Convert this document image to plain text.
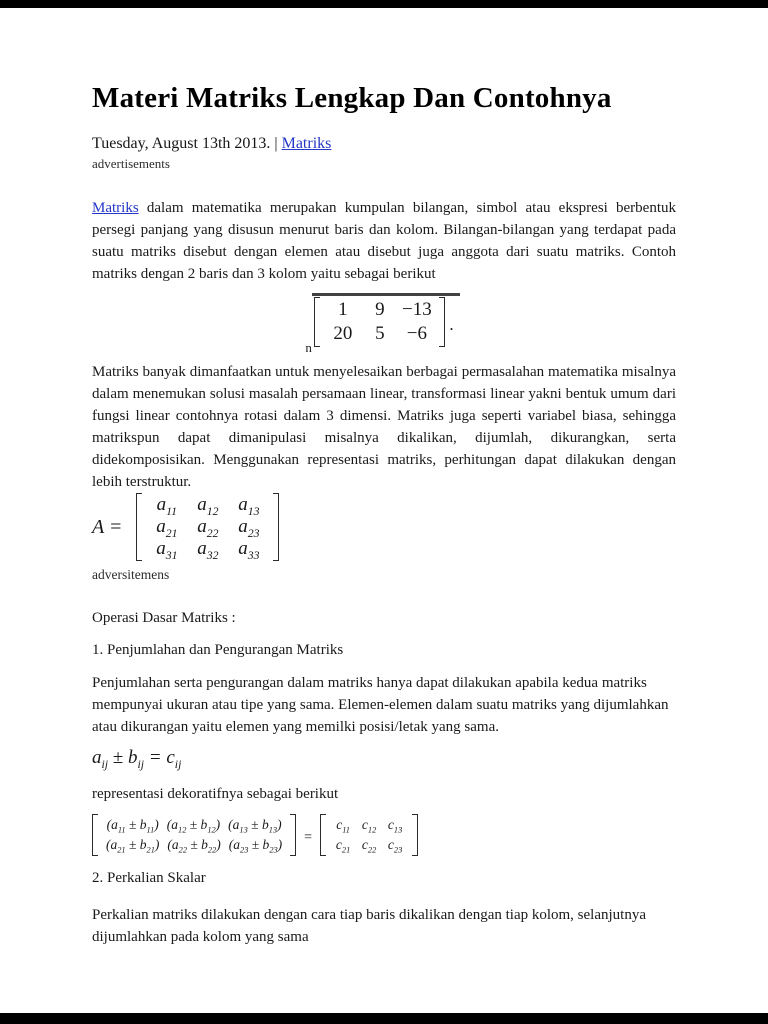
Materi Matriks Lengkap Dan Contohnya
Tuesday, August 13th 2013. | Matriks
advertisements

Matriks dalam matematika merupakan kumpulan bilangan, simbol atau ekspresi berbentuk persegi panjang yang disusun menurut baris dan kolom. Bilangan-bilangan yang terdapat pada suatu matriks disebut dengan elemen atau disebut juga anggota dari suatu matriks. Contoh matriks dengan 2 baris dan 3 kolom yaitu sebagai berikut

n
1	9 −13
20	5	−6	.

Matriks banyak dimanfaatkan untuk menyelesaikan berbagai permasalahan matematika misalnya dalam menemukan solusi masalah persamaan linear, transformasi linear yakni bentuk umum dari fungsi linear contohnya rotasi dalam 3 dimensi. Matriks juga seperti variabel biasa, sehingga matrikspun dapat dimanipulasi misalnya dikalikan, dijumlah, dikurangkan, serta didekomposisikan. Menggunakan representasi matriks, perhitungan dapat dilakukan dengan lebih terstruktur.

A =
$a_{11}$	$a_{12}$	$a_{13}$
$a_{21}$	$a_{22}$	$a_{23}$
$a_{31}$	$a_{32}$	$a_{33}$
adversitemens
Operasi Dasar Matriks :
1. Penjumlahan dan Pengurangan Matriks

Penjumlahan serta pengurangan dalam matriks hanya dapat dilakukan apabila kedua matriks mempunyai ukuran atau tipe yang sama. Elemen-elemen dalam suatu matriks yang dijumlahkan atau dikurangan yaitu elemen yang memilki posisi/letak yang sama.

$a_{ij} \pm b_{ij} = c_{ij}$
representasi dekoratifnya sebagai berikut
$(a_{11} \pm b_{11}) (a_{12} \pm b_{12}) (a_{13} \pm b_{13})$
$(a_{21} \pm b_{21}) (a_{22} \pm b_{22}) (a_{23} \pm b_{23})$ =
$c_{11}$ $c_{12}$ $c_{13}$
$c_{21}$ $c_{22}$ $c_{23}$
2. Perkalian Skalar

Perkalian matriks dilakukan dengan cara tiap baris dikalikan dengan tiap kolom, selanjutnya dijumlahkan pada kolom yang sama
